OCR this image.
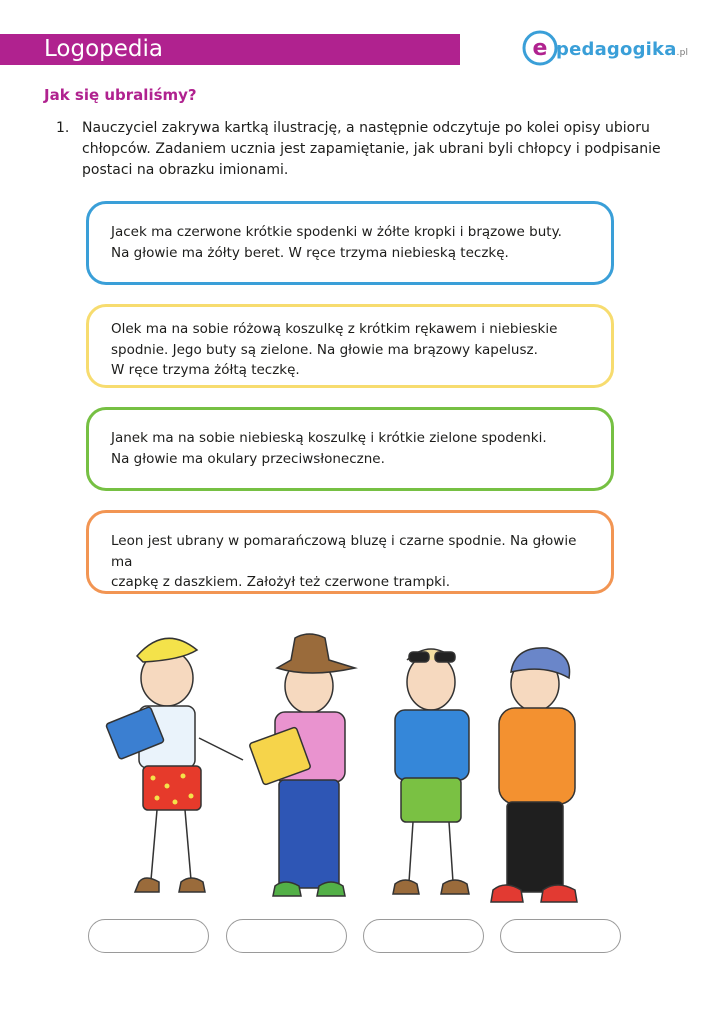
Logopedia	e pedagogika.pl
Jak się ubraliśmy?
1. Nauczyciel zakrywa kartką ilustrację, a następnie odczytuje po kolei opisy ubioru chłopców. Zadaniem ucznia jest zapamiętanie, jak ubrani byli chłopcy i podpisanie postaci na obrazku imionami.
Jacek ma czerwone krótkie spodenki w żółte kropki i brązowe buty.
Na głowie ma żółty beret. W ręce trzyma niebieską teczkę.
Olek ma na sobie różową koszulkę z krótkim rękawem i niebieskie
spodnie. Jego buty są zielone. Na głowie ma brązowy kapelusz.
W ręce trzyma żółtą teczkę.
Janek ma na sobie niebieską koszulkę i krótkie zielone spodenki.
Na głowie ma okulary przeciwsłoneczne.
Leon jest ubrany w pomarańczową bluzę i czarne spodnie. Na głowie ma
czapkę z daszkiem. Założył też czerwone trampki.
